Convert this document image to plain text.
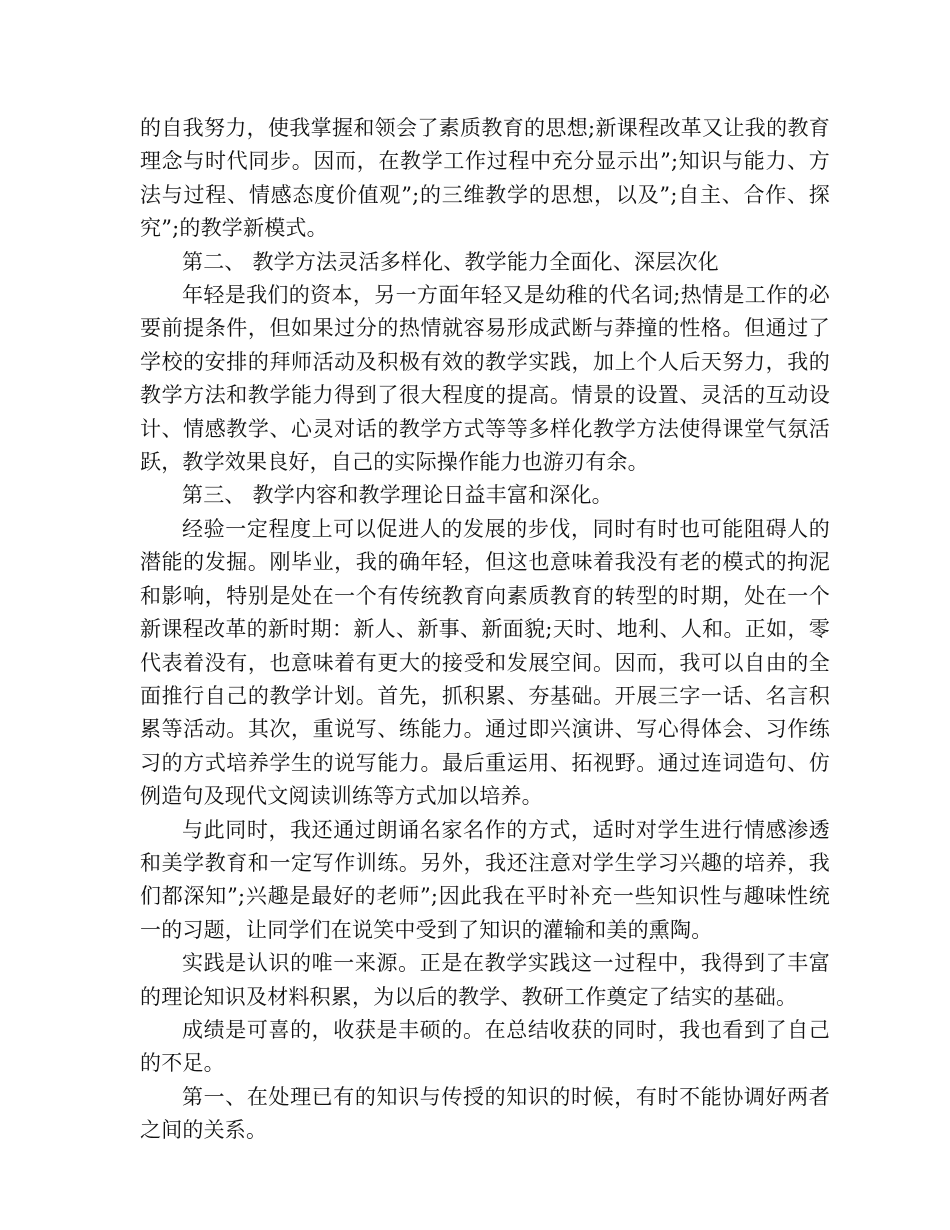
的自我努力，使我掌握和领会了素质教育的思想;新课程改革又让我的教育理念与时代同步。因而，在教学工作过程中充分显示出”;知识与能力、方法与过程、情感态度价值观”;的三维教学的思想，以及”;自主、合作、探究”;的教学新模式。

第二、 教学方法灵活多样化、教学能力全面化、深层次化

年轻是我们的资本，另一方面年轻又是幼稚的代名词;热情是工作的必要前提条件，但如果过分的热情就容易形成武断与莽撞的性格。但通过了学校的安排的拜师活动及积极有效的教学实践，加上个人后天努力，我的教学方法和教学能力得到了很大程度的提高。情景的设置、灵活的互动设计、情感教学、心灵对话的教学方式等等多样化教学方法使得课堂气氛活跃，教学效果良好，自己的实际操作能力也游刃有余。

第三、 教学内容和教学理论日益丰富和深化。

经验一定程度上可以促进人的发展的步伐，同时有时也可能阻碍人的潜能的发掘。刚毕业，我的确年轻，但这也意味着我没有老的模式的拘泥和影响，特别是处在一个有传统教育向素质教育的转型的时期，处在一个新课程改革的新时期：新人、新事、新面貌;天时、地利、人和。正如，零代表着没有，也意味着有更大的接受和发展空间。因而，我可以自由的全面推行自己的教学计划。首先，抓积累、夯基础。开展三字一话、名言积累等活动。其次，重说写、练能力。通过即兴演讲、写心得体会、习作练习的方式培养学生的说写能力。最后重运用、拓视野。通过连词造句、仿例造句及现代文阅读训练等方式加以培养。

与此同时，我还通过朗诵名家名作的方式，适时对学生进行情感渗透和美学教育和一定写作训练。另外，我还注意对学生学习兴趣的培养，我们都深知”;兴趣是最好的老师”;因此我在平时补充一些知识性与趣味性统一的习题，让同学们在说笑中受到了知识的灌输和美的熏陶。

实践是认识的唯一来源。正是在教学实践这一过程中，我得到了丰富的理论知识及材料积累，为以后的教学、教研工作奠定了结实的基础。

成绩是可喜的，收获是丰硕的。在总结收获的同时，我也看到了自己的不足。

第一、在处理已有的知识与传授的知识的时候，有时不能协调好两者之间的关系。
